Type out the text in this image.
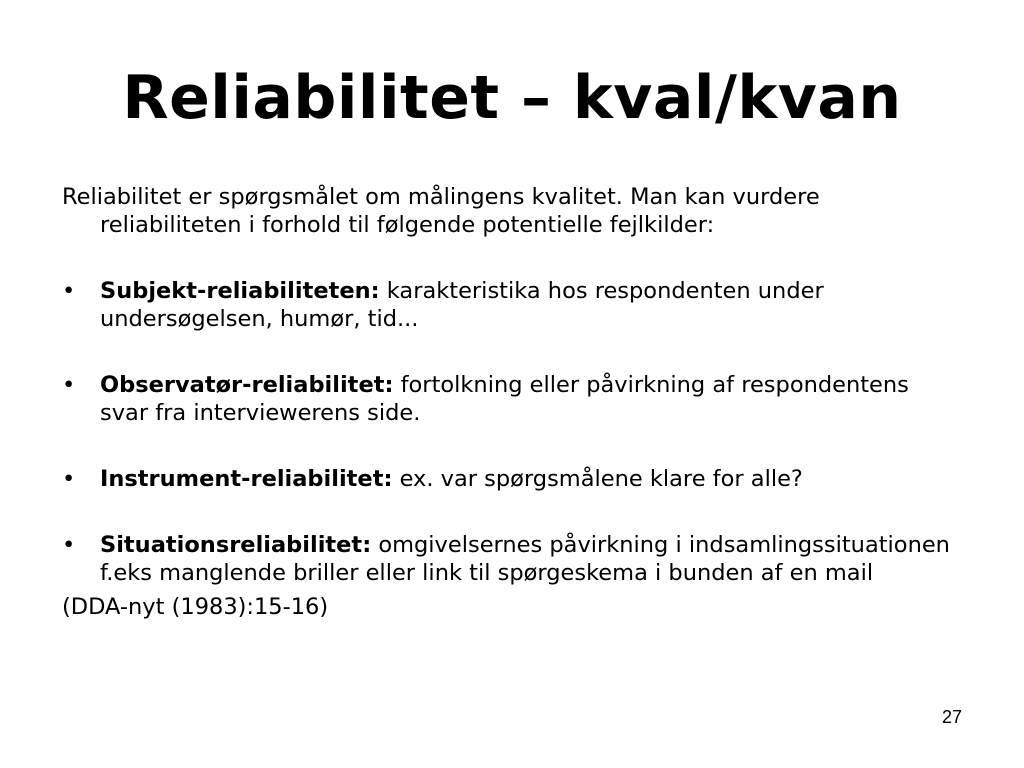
Reliabilitet – kval/kvan

Reliabilitet er spørgsmålet om målingens kvalitet. Man kan vurdere reliabiliteten i forhold til følgende potentielle fejlkilder:

• Subjekt-reliabiliteten: karakteristika hos respondenten under undersøgelsen, humør, tid...
• Observatør-reliabilitet: fortolkning eller påvirkning af respondentens svar fra interviewerens side.
• Instrument-reliabilitet: ex. var spørgsmålene klare for alle?
• Situationsreliabilitet: omgivelsernes påvirkning i indsamlingssituationen f.eks manglende briller eller link til spørgeskema i bunden af en mail

(DDA-nyt (1983):15-16)

27
